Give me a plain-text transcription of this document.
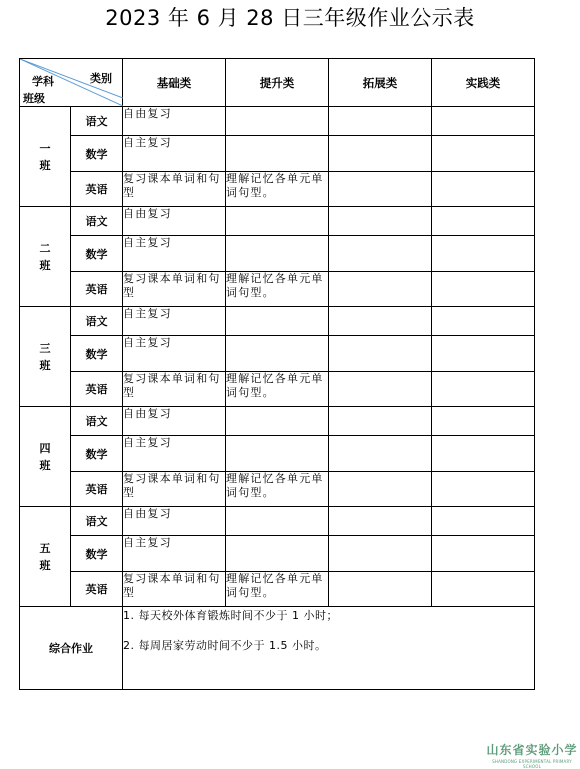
2023 年 6 月 28 日三年级作业公示表
类别
学科
班级		基础类	提升类	拓展类	实践类
一
班	语文	自由复习			
	数学	自主复习			
	英语	复习课本单词和句型	理解记忆各单元单词句型。		
二
班	语文	自由复习			
	数学	自主复习			
	英语	复习课本单词和句型	理解记忆各单元单词句型。		
三
班	语文	自主复习			
	数学	自主复习			
	英语	复习课本单词和句型	理解记忆各单元单词句型。		
四
班	语文	自由复习			
	数学	自主复习			
	英语	复习课本单词和句型	理解记忆各单元单词句型。		
五
班	语文	自由复习			
	数学	自主复习			
	英语	复习课本单词和句型	理解记忆各单元单词句型。		
综合作业		1. 每天校外体育锻炼时间不少于 1 小时；
2. 每周居家劳动时间不少于 1.5 小时。			
山东省实验小学
SHANDONG EXPERIMENTAL PRIMARY SCHOOL
